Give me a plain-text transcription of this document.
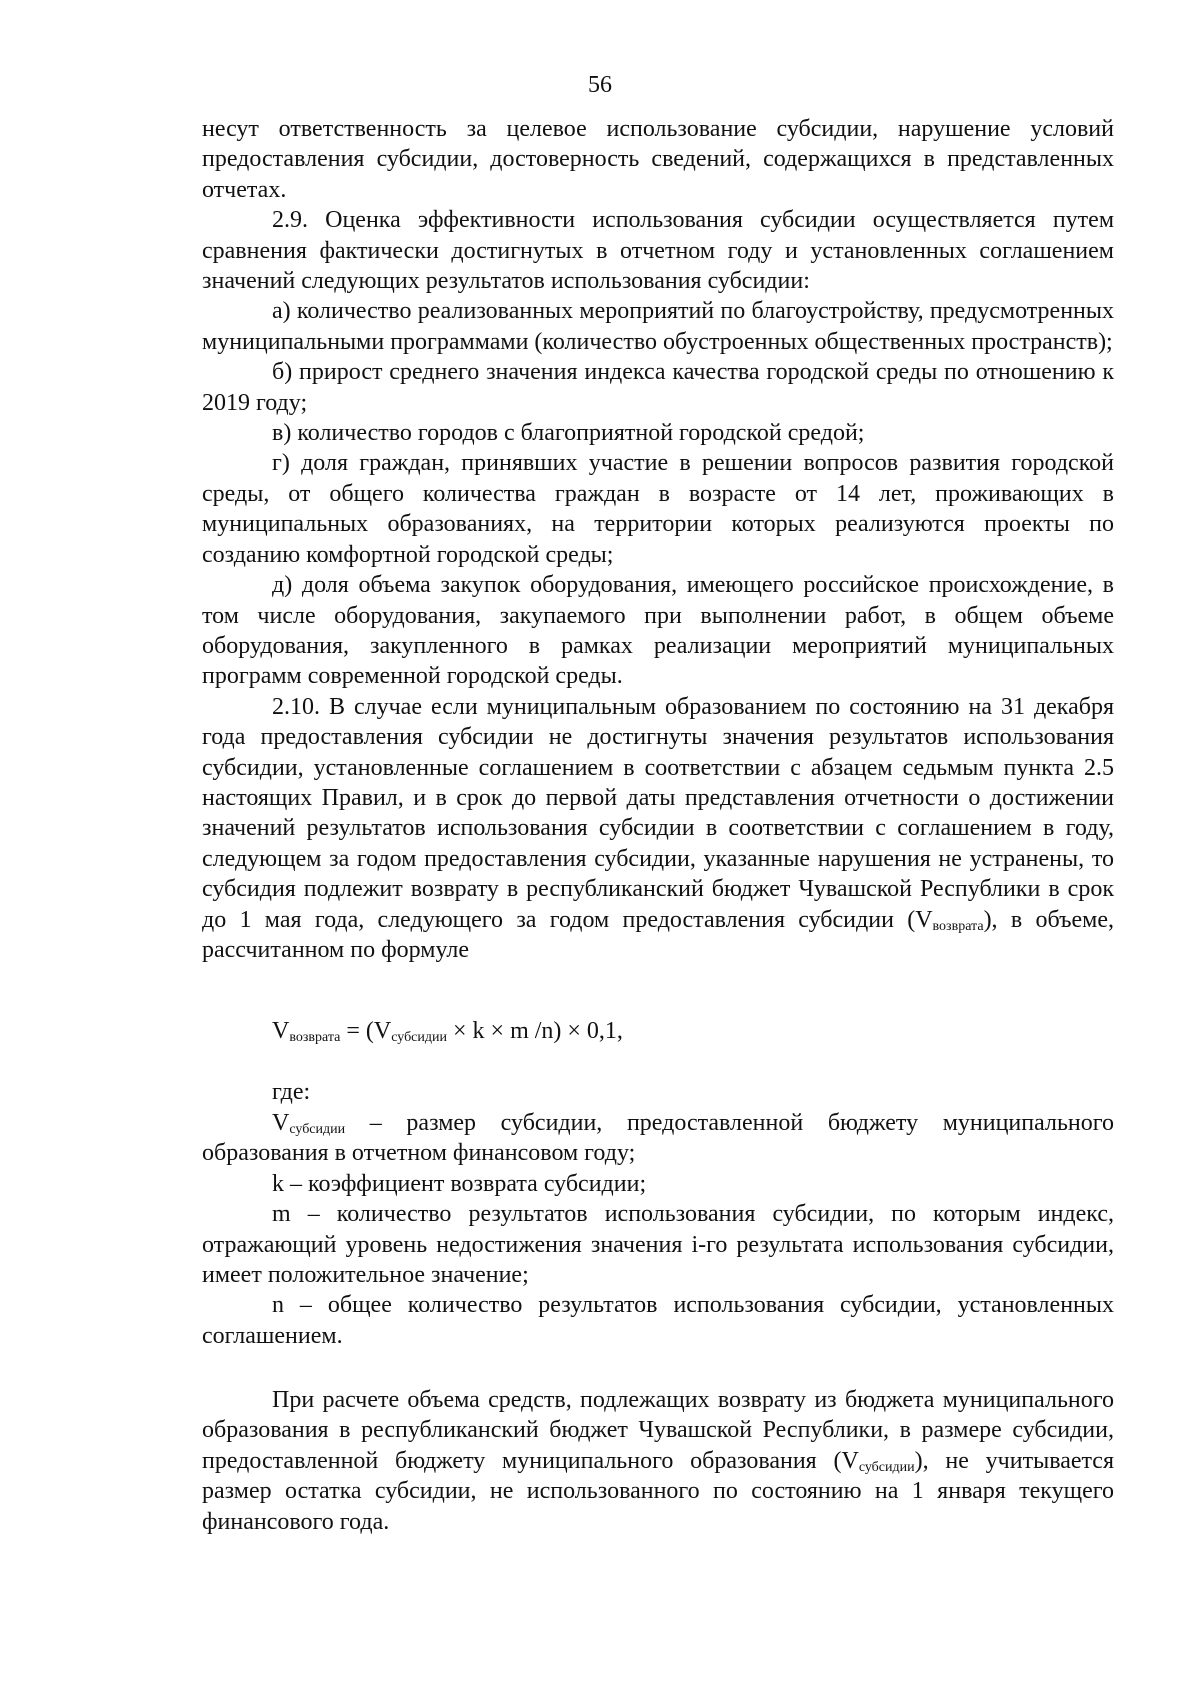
56

несут ответственность за целевое использование субсидии, нарушение условий предоставления субсидии, достоверность сведений, содержащихся в представленных отчетах.

2.9. Оценка эффективности использования субсидии осуществляется путем сравнения фактически достигнутых в отчетном году и установленных соглашением значений следующих результатов использования субсидии:

а) количество реализованных мероприятий по благоустройству, предусмотренных муниципальными программами (количество обустроенных общественных пространств);

б) прирост среднего значения индекса качества городской среды по отношению к 2019 году;

в) количество городов с благоприятной городской средой;

г) доля граждан, принявших участие в решении вопросов развития городской среды, от общего количества граждан в возрасте от 14 лет, проживающих в муниципальных образованиях, на территории которых реализуются проекты по созданию комфортной городской среды;

д) доля объема закупок оборудования, имеющего российское происхождение, в том числе оборудования, закупаемого при выполнении работ, в общем объеме оборудования, закупленного в рамках реализации мероприятий муниципальных программ современной городской среды.

2.10. В случае если муниципальным образованием по состоянию на 31 декабря года предоставления субсидии не достигнуты значения результатов использования субсидии, установленные соглашением в соответствии с абзацем седьмым пункта 2.5 настоящих Правил, и в срок до первой даты представления отчетности о достижении значений результатов использования субсидии в соответствии с соглашением в году, следующем за годом предоставления субсидии, указанные нарушения не устранены, то субсидия подлежит возврату в республиканский бюджет Чувашской Республики в срок до 1 мая года, следующего за годом предоставления субсидии $(V_{возврата})$, в объеме, рассчитанном по формуле

$V_{возврата} = (V_{субсидии} \times k \times m$ /n) × 0,1,
где:

$V_{субсидии}$ – размер субсидии, предоставленной бюджету муниципального образования в отчетном финансовом году;

k – коэффициент возврата субсидии;

m – количество результатов использования субсидии, по которым индекс, отражающий уровень недостижения значения i-го результата использования субсидии, имеет положительное значение;

n – общее количество результатов использования субсидии, установленных соглашением.

При расчете объема средств, подлежащих возврату из бюджета муниципального образования в республиканский бюджет Чувашской Республики, в размере субсидии, предоставленной бюджету муниципального образования $(V_{субсидии})$, не учитывается размер остатка субсидии, не использованного по состоянию на 1 января текущего финансового года.
